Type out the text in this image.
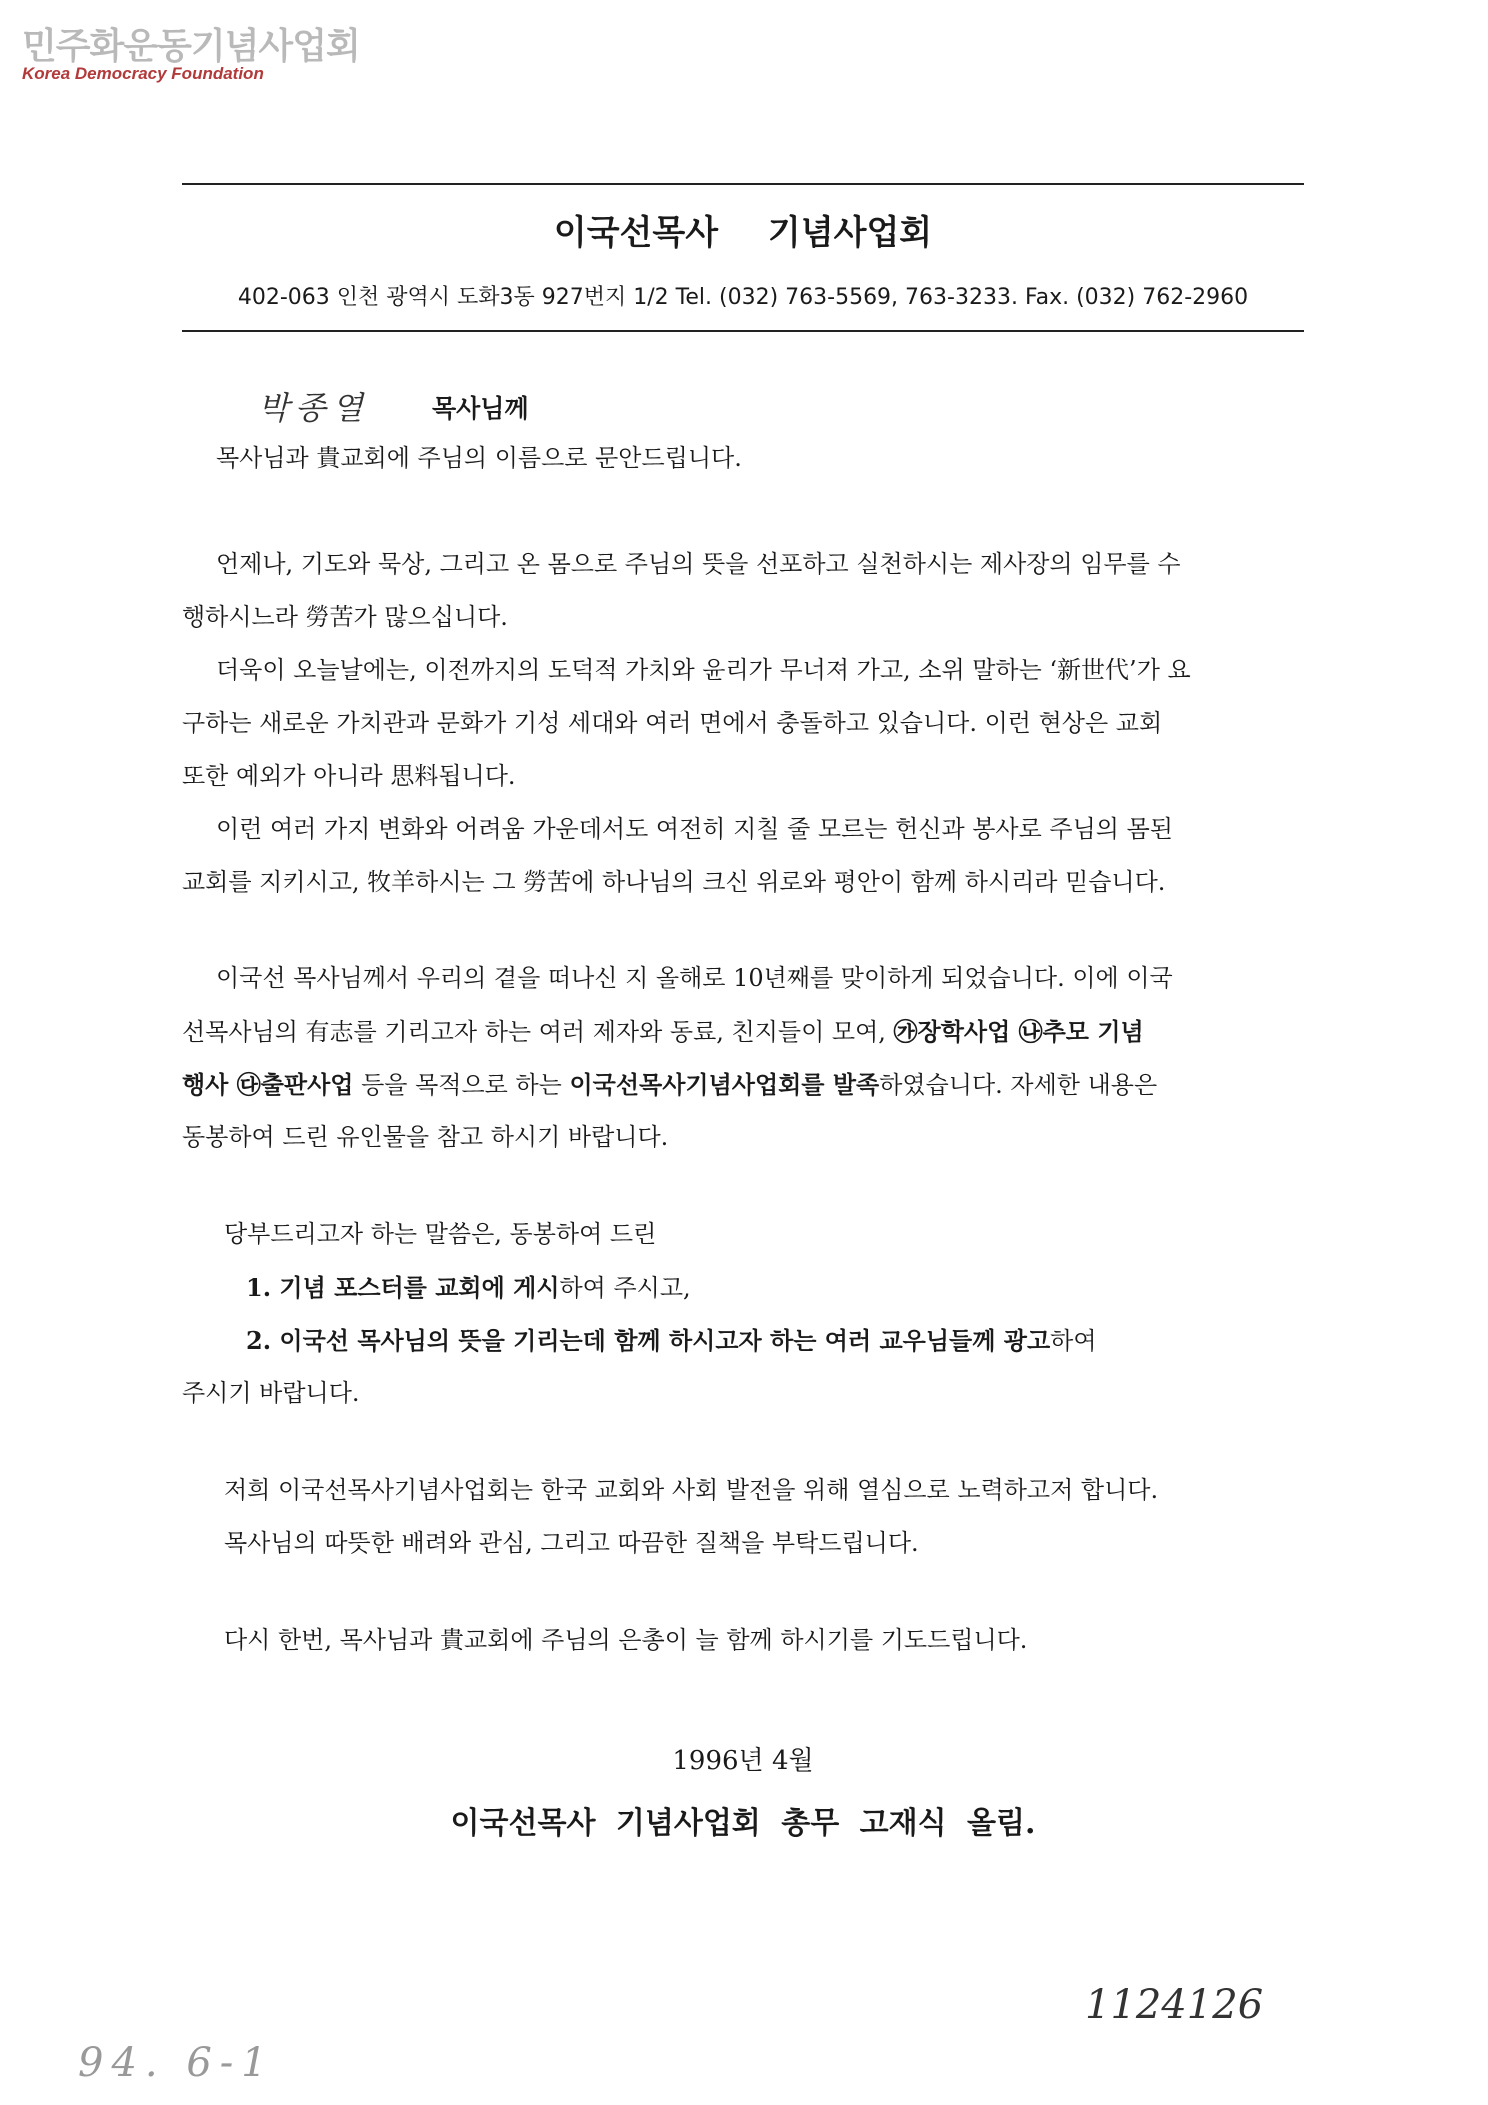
민주화운동기념사업회
Korea Democracy Foundation
이국선목사 기념사업회
402-063 인천 광역시 도화3동 927번지 1/2 Tel. (032) 763-5569, 763-3233. Fax. (032) 762-2960
박종열	목사님께
목사님과 貴교회에 주님의 이름으로 문안드립니다.
언제나, 기도와 묵상, 그리고 온 몸으로 주님의 뜻을 선포하고 실천하시는 제사장의 임무를 수
행하시느라 勞苦가 많으십니다.
더욱이 오늘날에는, 이전까지의 도덕적 가치와 윤리가 무너져 가고, 소위 말하는 ‘新世代’가 요
구하는 새로운 가치관과 문화가 기성 세대와 여러 면에서 충돌하고 있습니다. 이런 현상은 교회
또한 예외가 아니라 思料됩니다.
이런 여러 가지 변화와 어려움 가운데서도 여전히 지칠 줄 모르는 헌신과 봉사로 주님의 몸된
교회를 지키시고, 牧羊하시는 그 勞苦에 하나님의 크신 위로와 평안이 함께 하시리라 믿습니다.
이국선 목사님께서 우리의 곁을 떠나신 지 올해로 10년째를 맞이하게 되었습니다. 이에 이국
선목사님의 有志를 기리고자 하는 여러 제자와 동료, 친지들이 모여, ㉮장학사업 ㉯추모 기념
행사 ㉰출판사업 등을 목적으로 하는 이국선목사기념사업회를 발족하였습니다. 자세한 내용은
동봉하여 드린 유인물을 참고 하시기 바랍니다.
당부드리고자 하는 말씀은, 동봉하여 드린
1. 기념 포스터를 교회에 게시하여 주시고,
2. 이국선 목사님의 뜻을 기리는데 함께 하시고자 하는 여러 교우님들께 광고하여
주시기 바랍니다.
저희 이국선목사기념사업회는 한국 교회와 사회 발전을 위해 열심으로 노력하고저 합니다.
목사님의 따뜻한 배려와 관심, 그리고 따끔한 질책을 부탁드립니다.
다시 한번, 목사님과 貴교회에 주님의 은총이 늘 함께 하시기를 기도드립니다.
1996년 4월
이국선목사 기념사업회 총무 고재식 올림.
1124126
94. 6-1
